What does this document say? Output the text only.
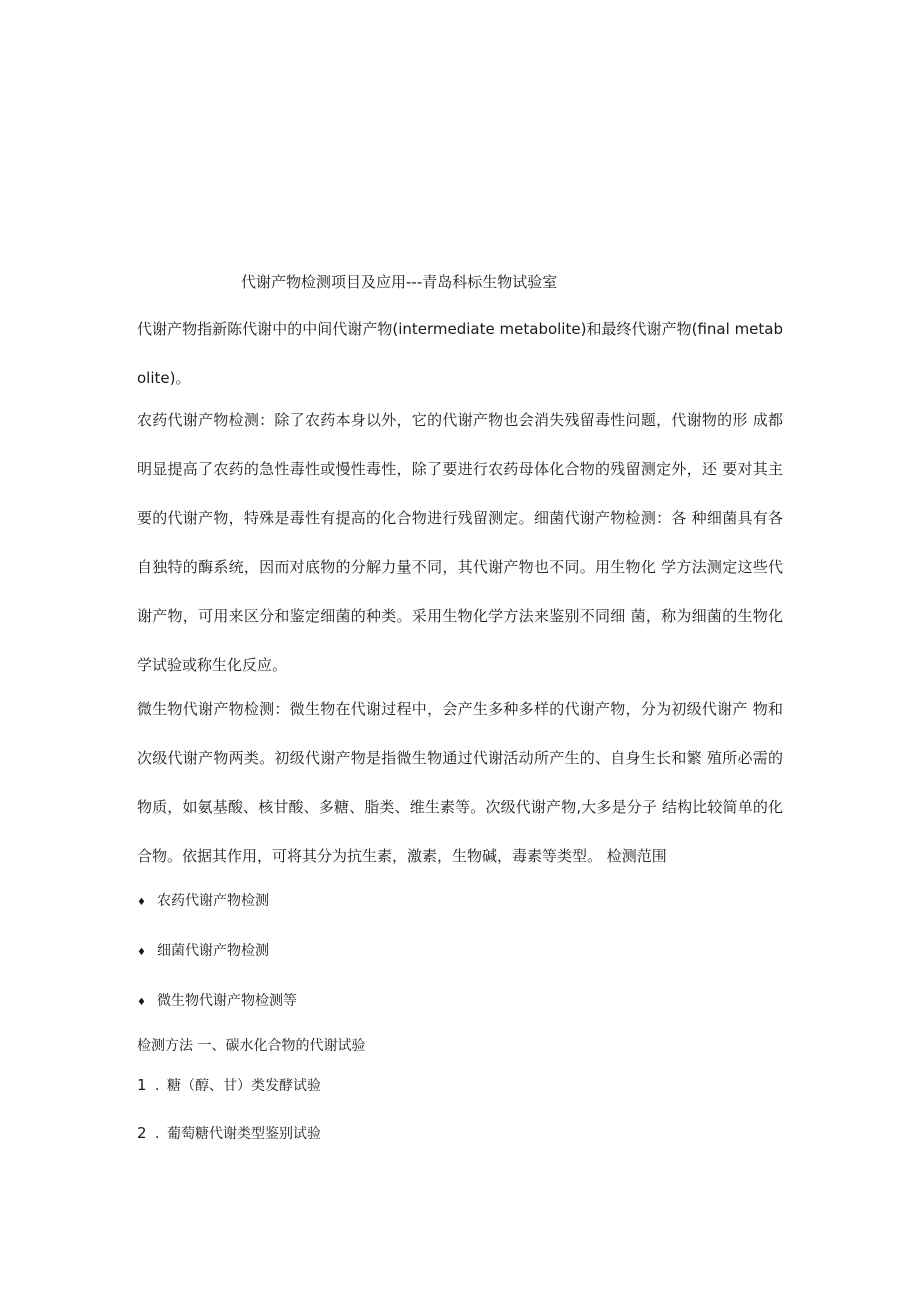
代谢产物检测项目及应用---青岛科标生物试验室

代谢产物指新陈代谢中的中间代谢产物(intermediate metabolite)和最终代谢产物(final metabolite)。

农药代谢产物检测：除了农药本身以外，它的代谢产物也会消失残留毒性问题，代谢物的形 成都明显提高了农药的急性毒性或慢性毒性，除了要进行农药母体化合物的残留测定外，还 要对其主要的代谢产物，特殊是毒性有提高的化合物进行残留测定。细菌代谢产物检测：各 种细菌具有各自独特的酶系统，因而对底物的分解力量不同，其代谢产物也不同。用生物化 学方法测定这些代谢产物，可用来区分和鉴定细菌的种类。采用生物化学方法来鉴别不同细 菌，称为细菌的生物化学试验或称生化反应。

微生物代谢产物检测：微生物在代谢过程中，会产生多种多样的代谢产物，分为初级代谢产 物和次级代谢产物两类。初级代谢产物是指微生物通过代谢活动所产生的、自身生长和繁 殖所必需的物质，如氨基酸、核甘酸、多糖、脂类、维生素等。次级代谢产物,大多是分子 结构比较简单的化合物。依据其作用，可将其分为抗生素，激素，生物碱，毒素等类型。 检测范围

♦ 农药代谢产物检测
♦ 细菌代谢产物检测
♦ 微生物代谢产物检测等
检测方法 一、碳水化合物的代谢试验
1 . 糖（醇、甘）类发酵试验
2 . 葡萄糖代谢类型鉴别试验
